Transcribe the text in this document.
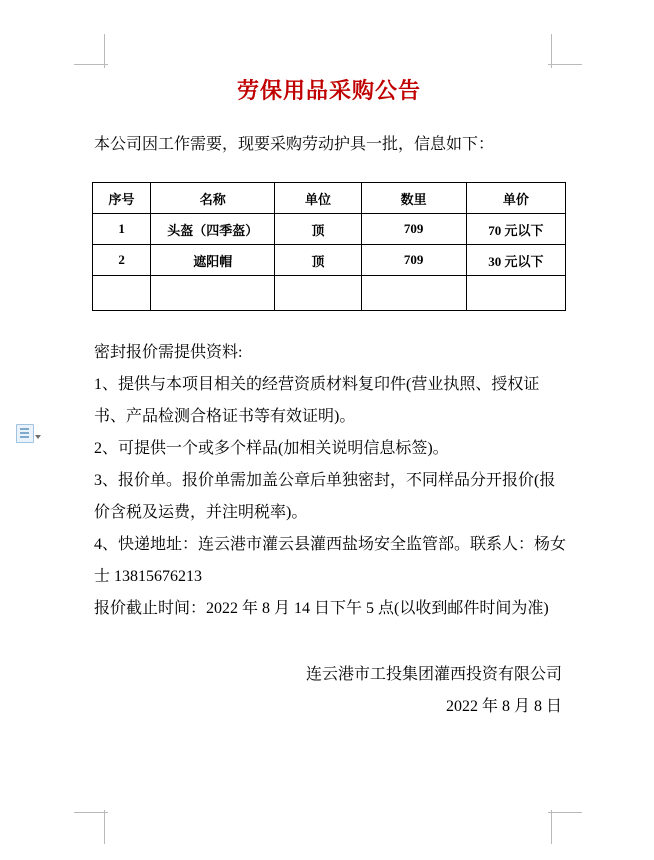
劳保用品采购公告

本公司因工作需要，现要采购劳动护具一批，信息如下：

序号	名称	单位	数里	单价
1	头盔（四季盔）	顶	709	70 元以下
2	遮阳帽	顶	709	30 元以下

密封报价需提供资料:

1、提供与本项目相关的经营资质材料复印件(营业执照、授权证书、产品检测合格证书等有效证明)。

2、可提供一个或多个样品(加相关说明信息标签)。

3、报价单。报价单需加盖公章后单独密封，不同样品分开报价(报价含税及运费，并注明税率)。

4、快递地址：连云港市灌云县灌西盐场安全监管部。联系人：杨女士 13815676213

报价截止时间：2022 年 8 月 14 日下午 5 点(以收到邮件时间为准)

连云港市工投集团灌西投资有限公司

2022 年 8 月 8 日
